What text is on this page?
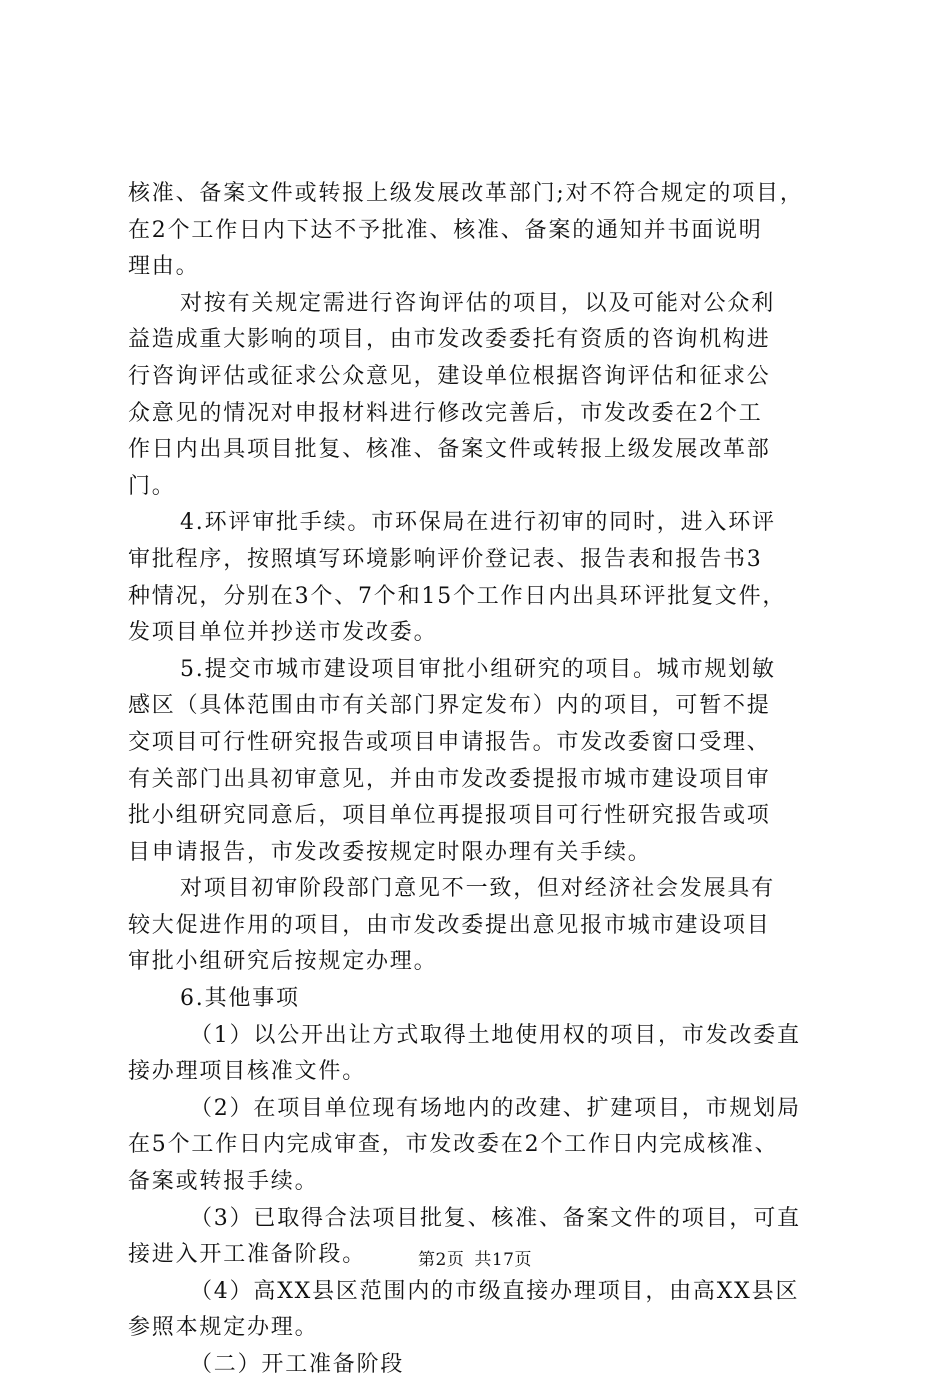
核准、备案文件或转报上级发展改革部门;对不符合规定的项目，
在2个工作日内下达不予批准、核准、备案的通知并书面说明
理由。
对按有关规定需进行咨询评估的项目，以及可能对公众利
益造成重大影响的项目，由市发改委委托有资质的咨询机构进
行咨询评估或征求公众意见，建设单位根据咨询评估和征求公
众意见的情况对申报材料进行修改完善后，市发改委在2个工
作日内出具项目批复、核准、备案文件或转报上级发展改革部
门。
4.环评审批手续。市环保局在进行初审的同时，进入环评
审批程序，按照填写环境影响评价登记表、报告表和报告书3
种情况，分别在3个、7个和15个工作日内出具环评批复文件，
发项目单位并抄送市发改委。
5.提交市城市建设项目审批小组研究的项目。城市规划敏
感区（具体范围由市有关部门界定发布）内的项目，可暂不提
交项目可行性研究报告或项目申请报告。市发改委窗口受理、
有关部门出具初审意见，并由市发改委提报市城市建设项目审
批小组研究同意后，项目单位再提报项目可行性研究报告或项
目申请报告，市发改委按规定时限办理有关手续。
对项目初审阶段部门意见不一致，但对经济社会发展具有
较大促进作用的项目，由市发改委提出意见报市城市建设项目
审批小组研究后按规定办理。
6.其他事项
（1）以公开出让方式取得土地使用权的项目，市发改委直
接办理项目核准文件。
（2）在项目单位现有场地内的改建、扩建项目，市规划局
在5个工作日内完成审查，市发改委在2个工作日内完成核准、
备案或转报手续。
（3）已取得合法项目批复、核准、备案文件的项目，可直
接进入开工准备阶段。
（4）高XX县区范围内的市级直接办理项目，由高XX县区
参照本规定办理。
（二）开工准备阶段
第2页 共17页
